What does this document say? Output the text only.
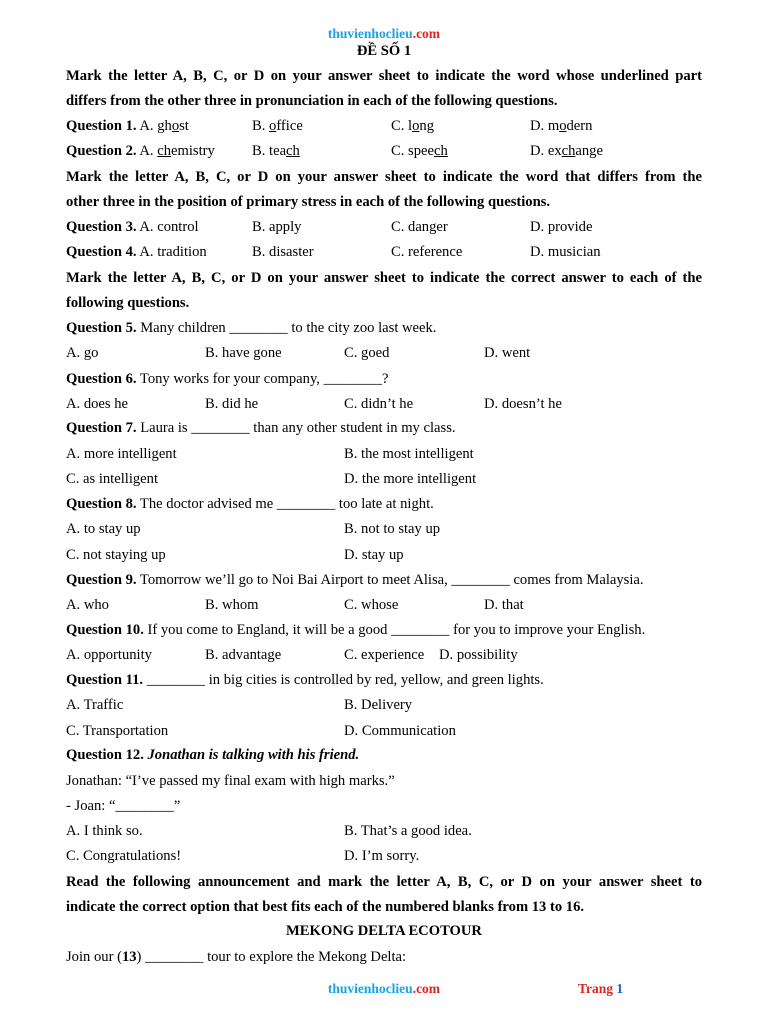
thuvienhoclieu.com
ĐỀ SỐ 1
Mark the letter A, B, C, or D on your answer sheet to indicate the word whose underlined part
differs from the other three in pronunciation in each of the following questions.
Question 1. A. ghost	B. office	C. long	D. modern
Question 2. A. chemistry	B. teach	C. speech	D. exchange
Mark the letter A, B, C, or D on your answer sheet to indicate the word that differs from the
other three in the position of primary stress in each of the following questions.
Question 3. A. control	B. apply	C. danger	D. provide
Question 4. A. tradition	B. disaster	C. reference	D. musician
Mark the letter A, B, C, or D on your answer sheet to indicate the correct answer to each of the
following questions.
Question 5. Many children ________ to the city zoo last week.
A. go	B. have gone	C. goed	D. went
Question 6. Tony works for your company, ________?
A. does he	B. did he	C. didn’t he	D. doesn’t he
Question 7. Laura is ________ than any other student in my class.
A. more intelligent	B. the most intelligent
C. as intelligent	D. the more intelligent
Question 8. The doctor advised me ________ too late at night.
A. to stay up	B. not to stay up
C. not staying up	D. stay up
Question 9. Tomorrow we’ll go to Noi Bai Airport to meet Alisa, ________ comes from Malaysia.
A. who	B. whom	C. whose	D. that
Question 10. If you come to England, it will be a good ________ for you to improve your English.
A. opportunity	B. advantage	C. experience D. possibility
Question 11. ________ in big cities is controlled by red, yellow, and green lights.
A. Traffic	B. Delivery
C. Transportation	D. Communication
Question 12. Jonathan is talking with his friend.
Jonathan: “I’ve passed my final exam with high marks.”
- Joan: “________”
A. I think so.	B. That’s a good idea.
C. Congratulations!	D. I’m sorry.
Read the following announcement and mark the letter A, B, C, or D on your answer sheet to
indicate the correct option that best fits each of the numbered blanks from 13 to 16.
MEKONG DELTA ECOTOUR
Join our (13) ________ tour to explore the Mekong Delta:
thuvienhoclieu.com	Trang 1
